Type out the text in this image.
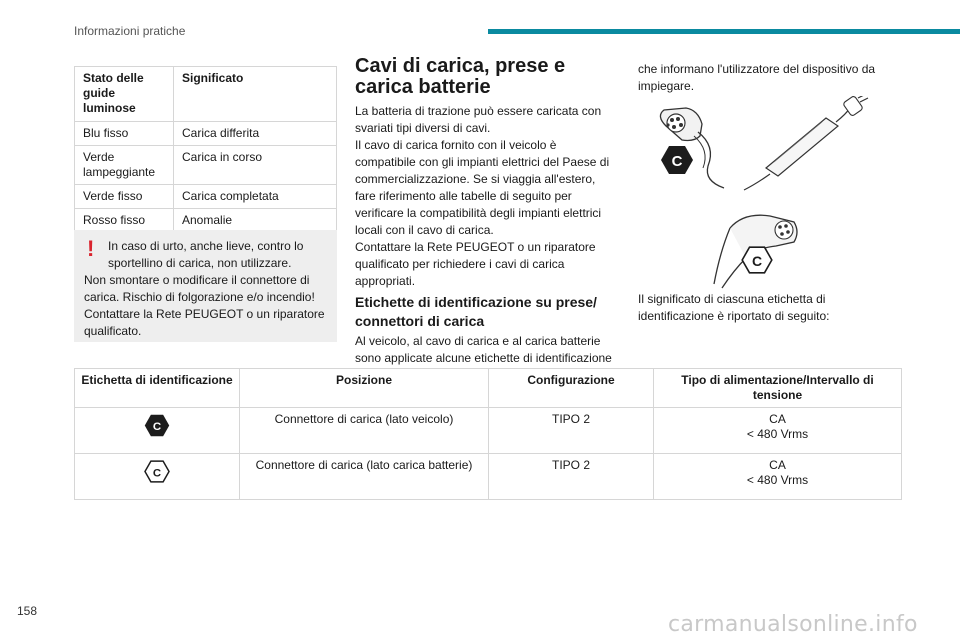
Informazioni pratiche
Stato delle guide luminose	Significato
Blu fisso	Carica differita
Verde lampeggiante	Carica in corso
Verde fisso	Carica completata
Rosso fisso	Anomalie
!	In caso di urto, anche lieve, contro lo sportellino di carica, non utilizzare.
Non smontare o modificare il connettore di carica. Rischio di folgorazione e/o incendio! Contattare la Rete PEUGEOT o un riparatore qualificato.
Cavi di carica, prese e carica batterie

La batteria di trazione può essere caricata con svariati tipi diversi di cavi.

Il cavo di carica fornito con il veicolo è compatibile con gli impianti elettrici del Paese di commercializzazione. Se si viaggia all'estero, fare riferimento alle tabelle di seguito per verificare la compatibilità degli impianti elettrici locali con il cavo di carica.

Contattare la Rete PEUGEOT o un riparatore qualificato per richiedere i cavi di carica appropriati.

Etichette di identificazione su prese/ connettori di carica
Al veicolo, al cavo di carica e al carica batterie sono applicate alcune etichette di identificazione
che informano l'utilizzatore del dispositivo da impiegare.
C
C
Il significato di ciascuna etichetta di identificazione è riportato di seguito:
Etichetta di identificazione	Posizione	Configurazione	Tipo di alimentazione/Intervallo di tensione

C	Connettore di carica (lato veicolo)	TIPO 2	CA
< 480 Vrms

C	Connettore di carica (lato carica batterie)	TIPO 2	CA
< 480 Vrms
158
carmanualsonline.info
